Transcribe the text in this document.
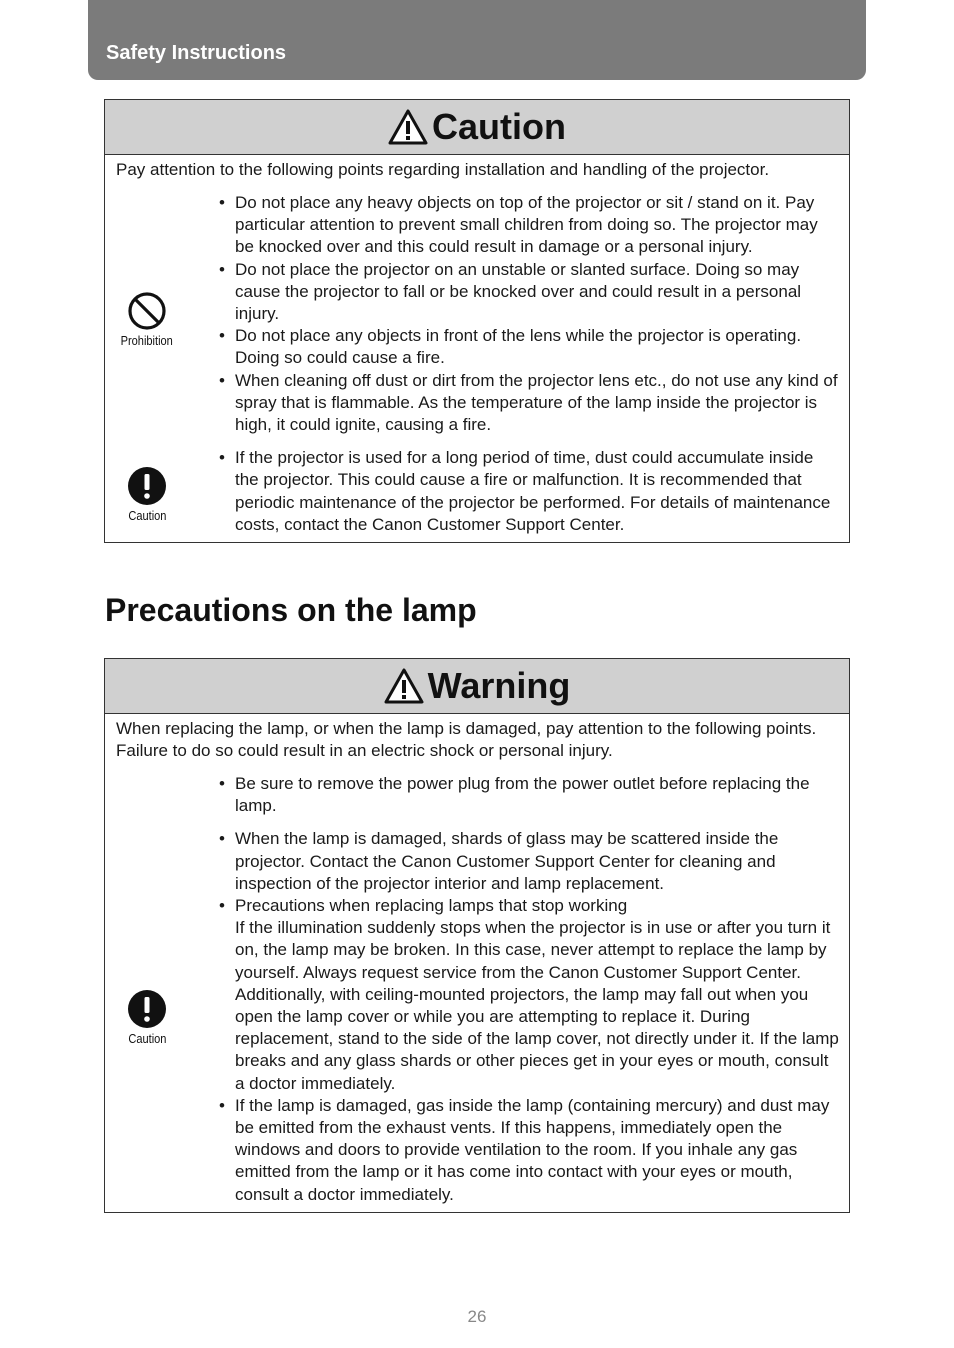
Safety Instructions
Caution
Pay attention to the following points regarding installation and handling of the projector.
Prohibition
• Do not place any heavy objects on top of the projector or sit / stand on it. Pay particular attention to prevent small children from doing so. The projector may be knocked over and this could result in damage or a personal injury.
• Do not place the projector on an unstable or slanted surface. Doing so may cause the projector to fall or be knocked over and could result in a personal injury.
• Do not place any objects in front of the lens while the projector is operating. Doing so could cause a fire.
• When cleaning off dust or dirt from the projector lens etc., do not use any kind of spray that is flammable. As the temperature of the lamp inside the projector is high, it could ignite, causing a fire.
Caution
• If the projector is used for a long period of time, dust could accumulate inside the projector. This could cause a fire or malfunction. It is recommended that periodic maintenance of the projector be performed. For details of maintenance costs, contact the Canon Customer Support Center.
Precautions on the lamp
Warning
When replacing the lamp, or when the lamp is damaged, pay attention to the following points. Failure to do so could result in an electric shock or personal injury.
• Be sure to remove the power plug from the power outlet before replacing the lamp.
Caution
• When the lamp is damaged, shards of glass may be scattered inside the projector. Contact the Canon Customer Support Center for cleaning and inspection of the projector interior and lamp replacement.
• Precautions when replacing lamps that stop working
If the illumination suddenly stops when the projector is in use or after you turn it on, the lamp may be broken. In this case, never attempt to replace the lamp by yourself. Always request service from the Canon Customer Support Center. Additionally, with ceiling-mounted projectors, the lamp may fall out when you open the lamp cover or while you are attempting to replace it. During replacement, stand to the side of the lamp cover, not directly under it. If the lamp breaks and any glass shards or other pieces get in your eyes or mouth, consult a doctor immediately.
• If the lamp is damaged, gas inside the lamp (containing mercury) and dust may be emitted from the exhaust vents. If this happens, immediately open the windows and doors to provide ventilation to the room. If you inhale any gas emitted from the lamp or it has come into contact with your eyes or mouth, consult a doctor immediately.
26
